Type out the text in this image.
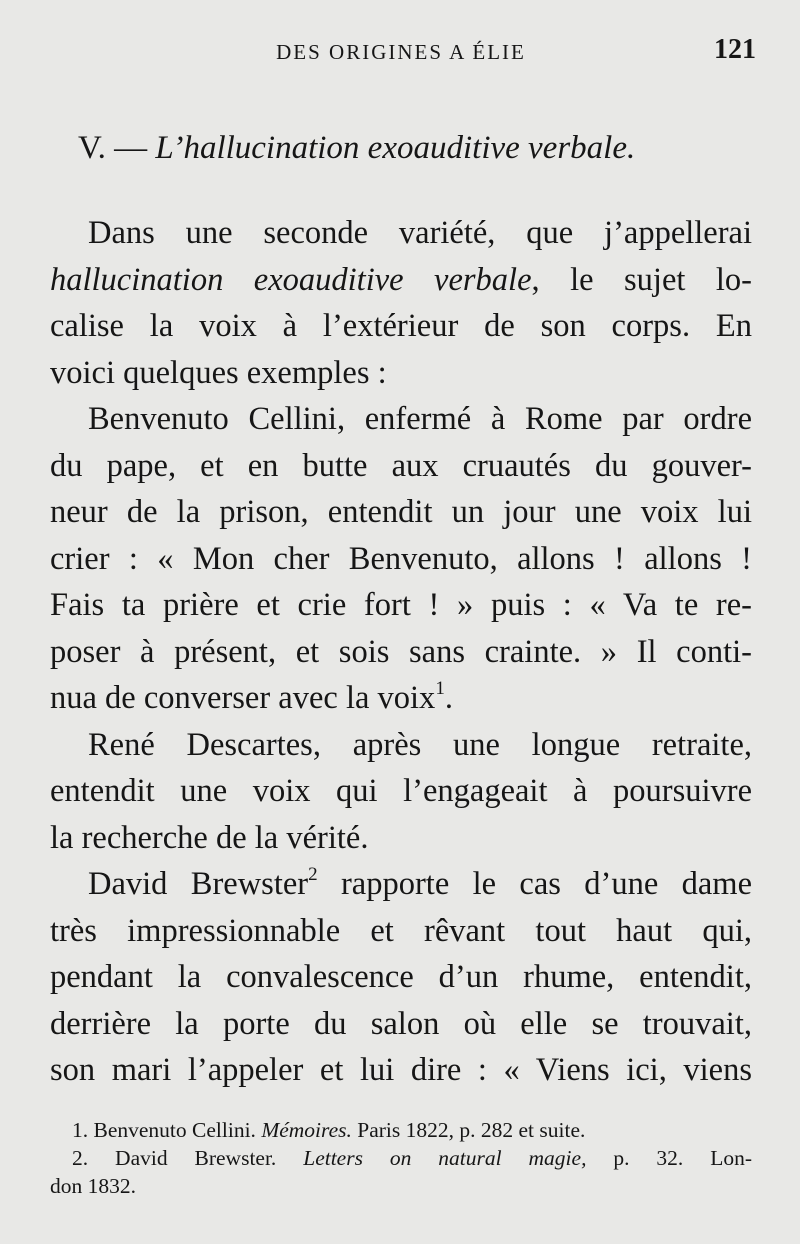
DES ORIGINES A ÉLIE	121
V. — L’hallucination exoauditive verbale.
Dans une seconde variété, que j’appellerai
hallucination exoauditive verbale, le sujet lo-
calise la voix à l’extérieur de son corps. En
voici quelques exemples :
Benvenuto Cellini, enfermé à Rome par ordre
du pape, et en butte aux cruautés du gouver-
neur de la prison, entendit un jour une voix lui
crier : « Mon cher Benvenuto, allons ! allons !
Fais ta prière et crie fort ! » puis : « Va te re-
poser à présent, et sois sans crainte. » Il conti-
nua de converser avec la voix$^1$.
René Descartes, après une longue retraite,
entendit une voix qui l’engageait à poursuivre
la recherche de la vérité.
David Brewster$^2$ rapporte le cas d’une dame
très impressionnable et rêvant tout haut qui,
pendant la convalescence d’un rhume, entendit,
derrière la porte du salon où elle se trouvait,
son mari l’appeler et lui dire : « Viens ici, viens
1. Benvenuto Cellini. Mémoires. Paris 1822, p. 282 et suite.
2. David Brewster. Letters on natural magie, p. 32. Lon-
don 1832.
